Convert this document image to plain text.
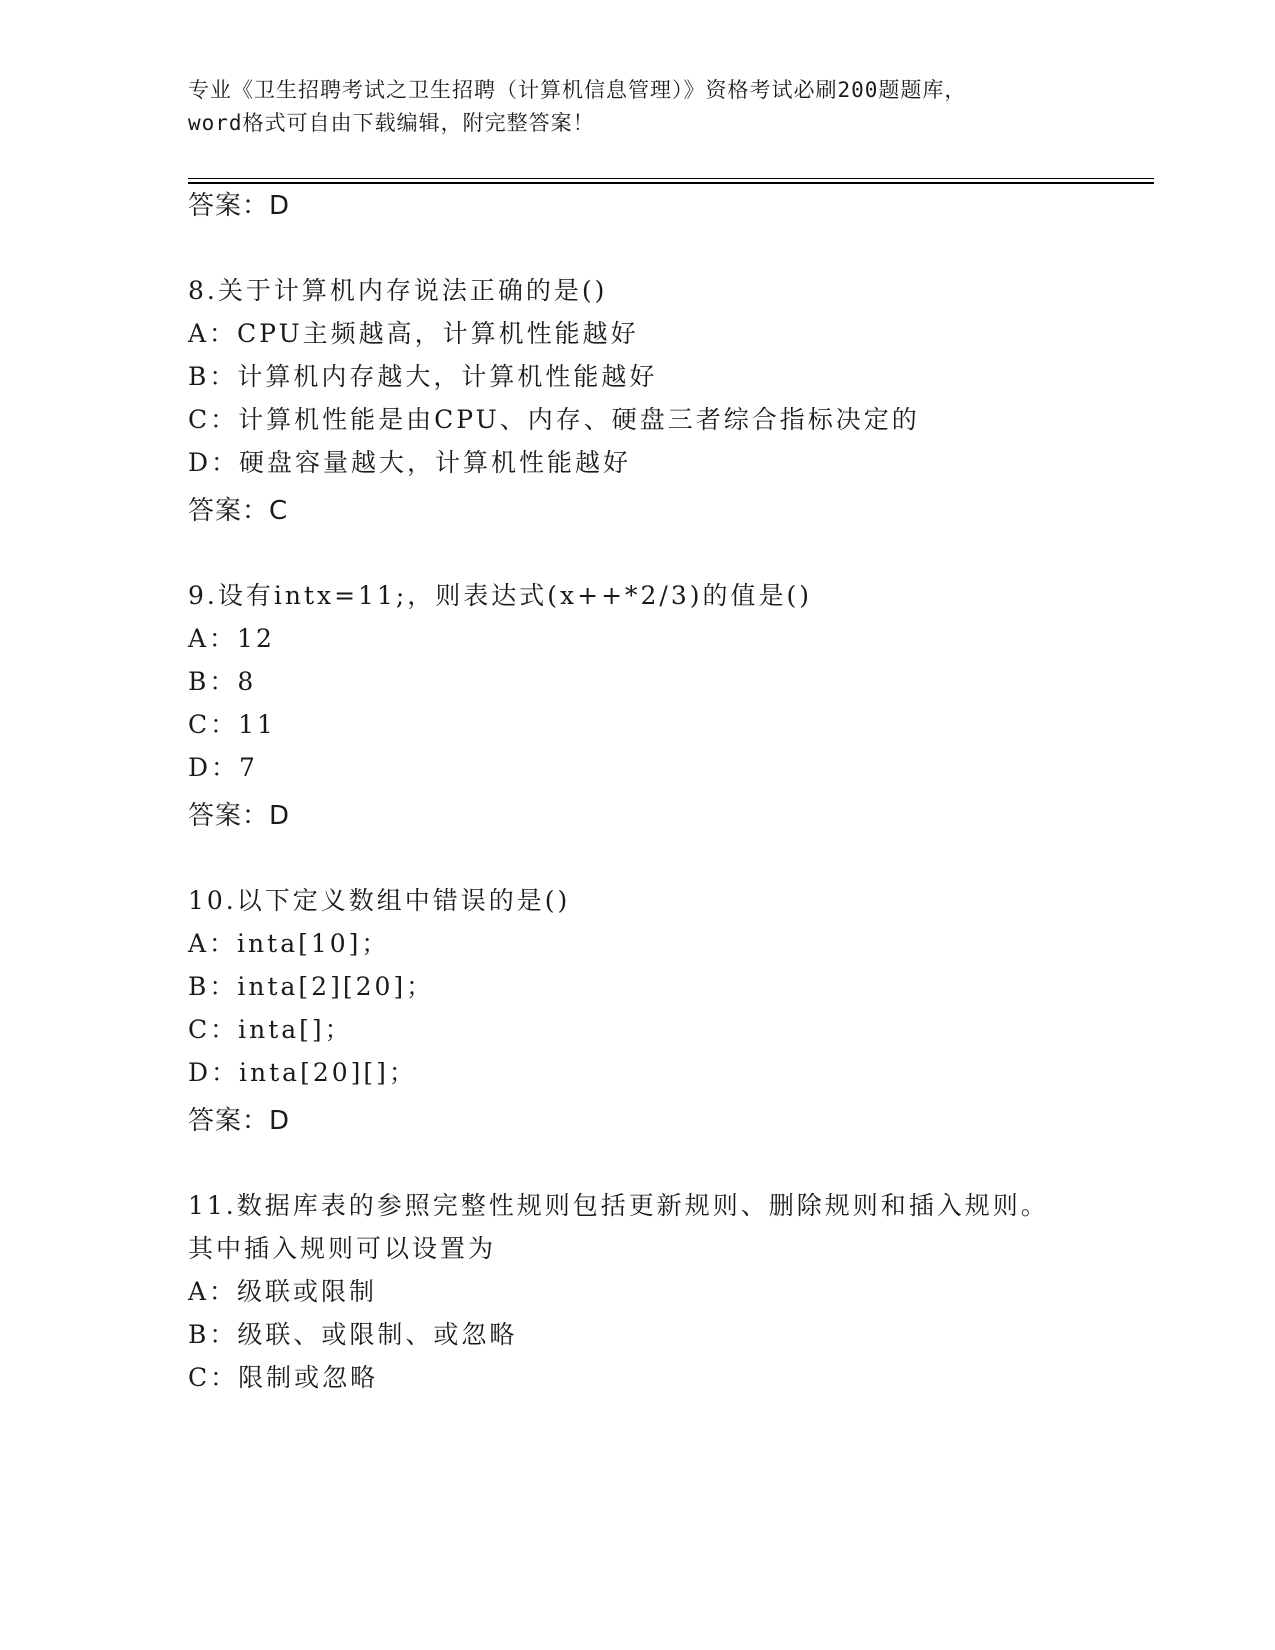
专业《卫生招聘考试之卫生招聘（计算机信息管理）》资格考试必刷200题题库，
word格式可自由下载编辑，附完整答案！
答案：D
8.关于计算机内存说法正确的是()
A：CPU主频越高，计算机性能越好
B：计算机内存越大，计算机性能越好
C：计算机性能是由CPU、内存、硬盘三者综合指标决定的
D：硬盘容量越大，计算机性能越好
答案：C
9.设有intx=11;，则表达式(x++*2/3)的值是()
A：12
B：8
C：11
D：7
答案：D
10.以下定义数组中错误的是()
A：inta[10]；
B：inta[2][20]；
C：inta[]；
D：inta[20][]；
答案：D
11.数据库表的参照完整性规则包括更新规则、删除规则和插入规则。
其中插入规则可以设置为
A：级联或限制
B：级联、或限制、或忽略
C：限制或忽略
